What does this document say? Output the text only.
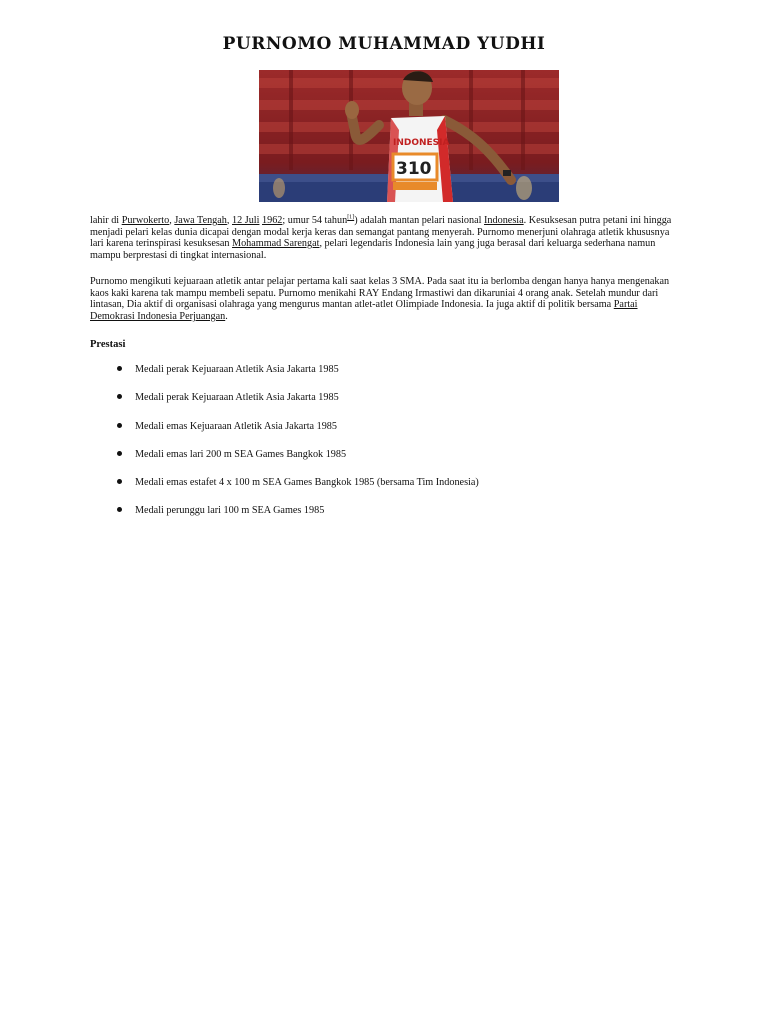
PURNOMO MUHAMMAD YUDHI
INDONESIA
310
lahir di Purwokerto, Jawa Tengah, 12 Juli 1962; umur 54 tahun[1]) adalah mantan pelari nasional Indonesia. Kesuksesan putra petani ini hingga menjadi pelari kelas dunia dicapai dengan modal kerja keras dan semangat pantang menyerah. Purnomo menerjuni olahraga atletik khususnya lari karena terinspirasi kesuksesan Mohammad Sarengat, pelari legendaris Indonesia lain yang juga berasal dari keluarga sederhana namun mampu berprestasi di tingkat internasional.
Purnomo mengikuti kejuaraan atletik antar pelajar pertama kali saat kelas 3 SMA. Pada saat itu ia berlomba dengan hanya hanya mengenakan kaos kaki karena tak mampu membeli sepatu. Purnomo menikahi RAY Endang Irmastiwi dan dikaruniai 4 orang anak. Setelah mundur dari lintasan, Dia aktif di organisasi olahraga yang mengurus mantan atlet-atlet Olimpiade Indonesia. Ia juga aktif di politik bersama Partai Demokrasi Indonesia Perjuangan.
Prestasi
Medali perak Kejuaraan Atletik Asia Jakarta 1985
Medali perak Kejuaraan Atletik Asia Jakarta 1985
Medali emas Kejuaraan Atletik Asia Jakarta 1985
Medali emas lari 200 m SEA Games Bangkok 1985
Medali emas estafet 4 x 100 m SEA Games Bangkok 1985 (bersama Tim Indonesia)
Medali perunggu lari 100 m SEA Games 1985
